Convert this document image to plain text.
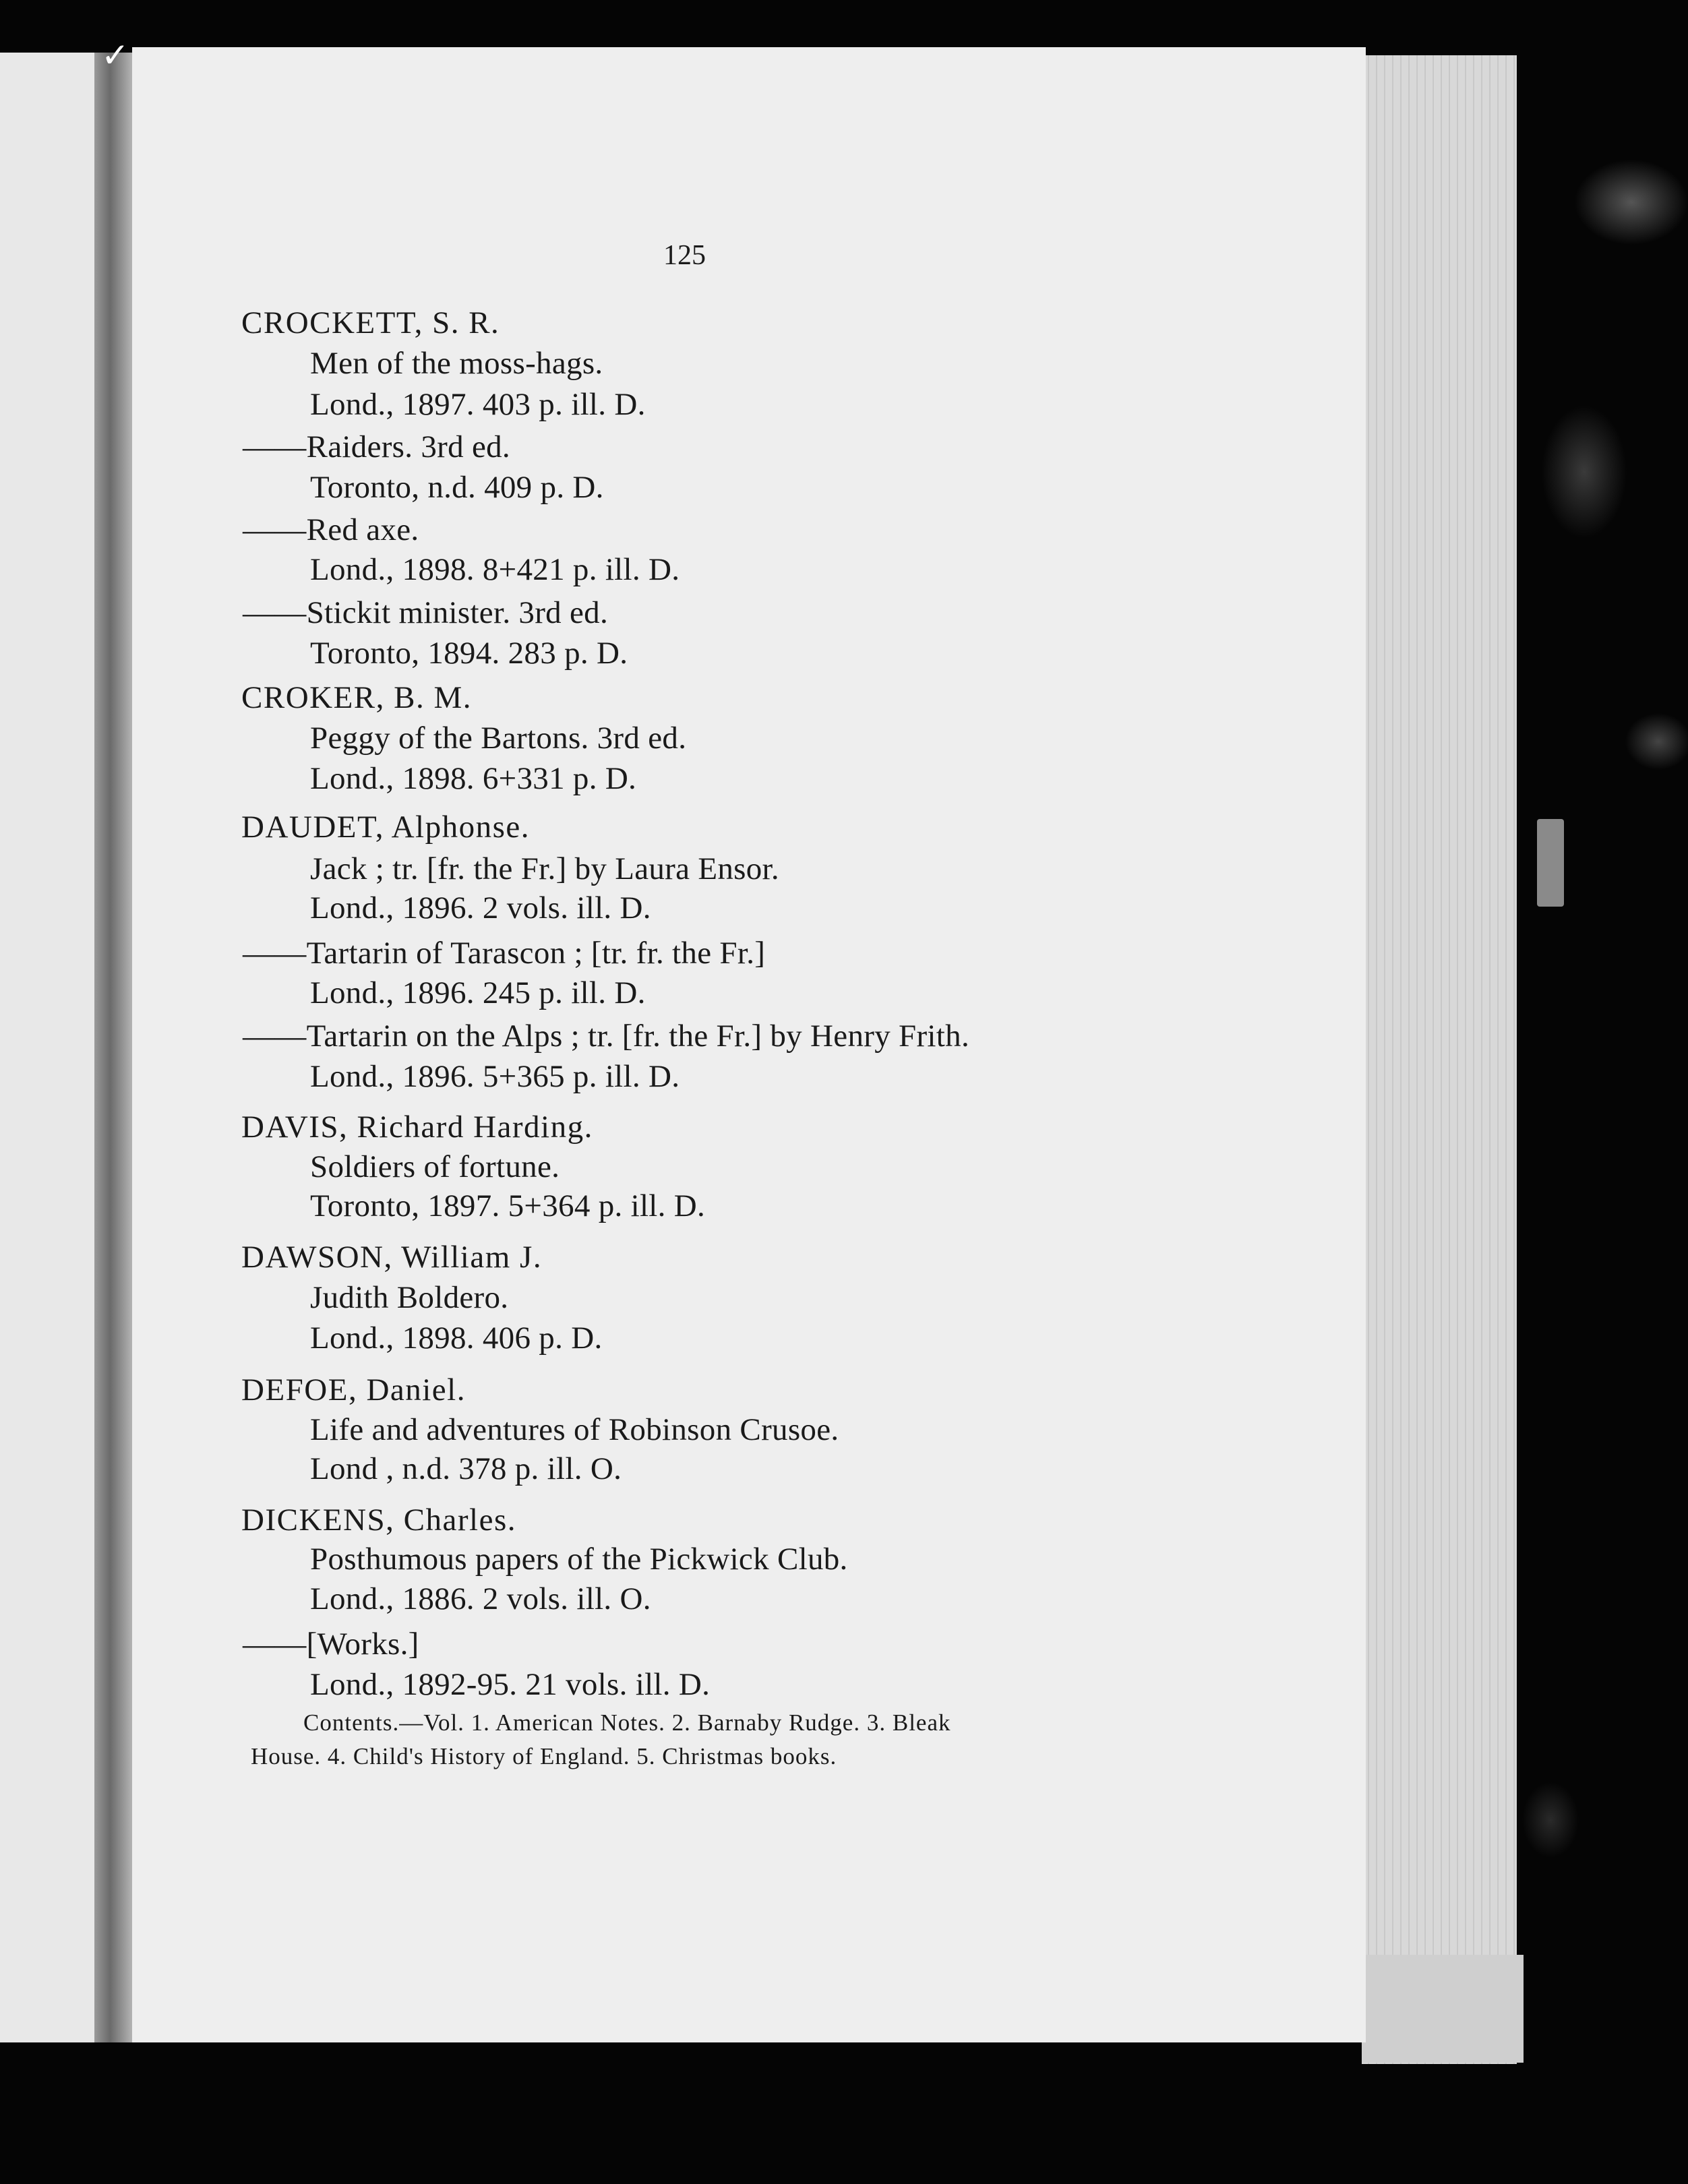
✓
125
CROCKETT, S. R.
Men of the moss-hags.
Lond., 1897. 403 p. ill. D.
——Raiders. 3rd ed.
Toronto, n.d. 409 p. D.
——Red axe.
Lond., 1898. 8+421 p. ill. D.
——Stickit minister. 3rd ed.
Toronto, 1894. 283 p. D.
CROKER, B. M.
Peggy of the Bartons. 3rd ed.
Lond., 1898. 6+331 p. D.
DAUDET, Alphonse.
Jack ; tr. [fr. the Fr.] by Laura Ensor.
Lond., 1896. 2 vols. ill. D.
——Tartarin of Tarascon ; [tr. fr. the Fr.]
Lond., 1896. 245 p. ill. D.
——Tartarin on the Alps ; tr. [fr. the Fr.] by Henry Frith.
Lond., 1896. 5+365 p. ill. D.
DAVIS, Richard Harding.
Soldiers of fortune.
Toronto, 1897. 5+364 p. ill. D.
DAWSON, William J.
Judith Boldero.
Lond., 1898. 406 p. D.
DEFOE, Daniel.
Life and adventures of Robinson Crusoe.
Lond , n.d. 378 p. ill. O.
DICKENS, Charles.
Posthumous papers of the Pickwick Club.
Lond., 1886. 2 vols. ill. O.
——[Works.]
Lond., 1892-95. 21 vols. ill. D.
Contents.—Vol. 1. American Notes. 2. Barnaby Rudge. 3. Bleak
House. 4. Child's History of England. 5. Christmas books.
